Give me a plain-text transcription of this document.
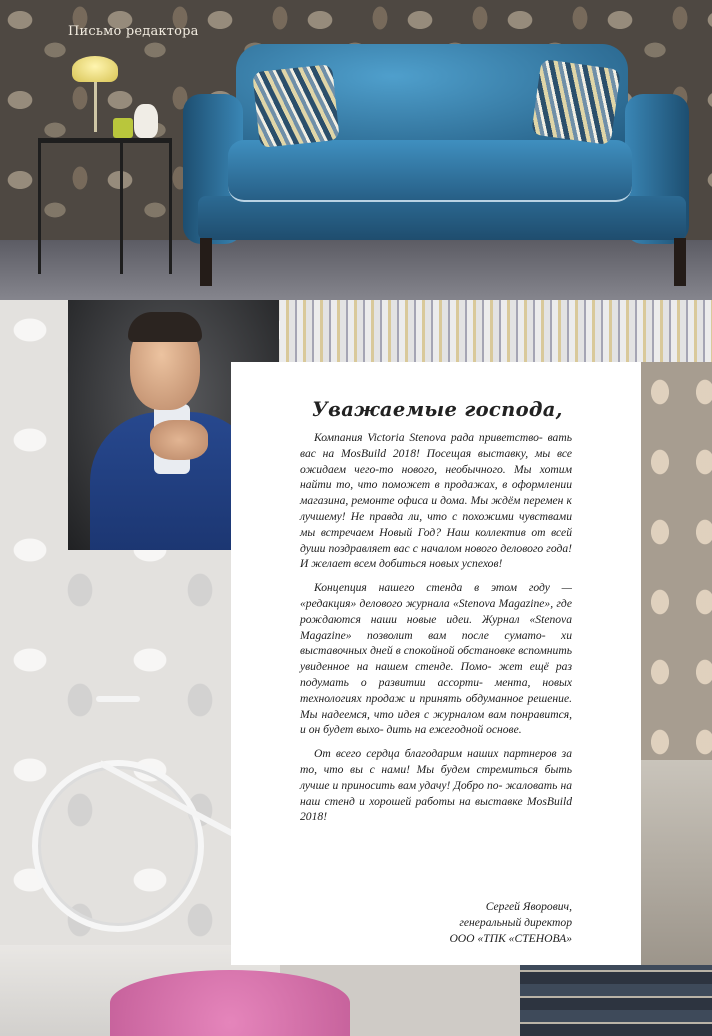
Письмо редактора
Уважаемые господа,

Компания Victoria Stenova рада приветство- вать вас на MosBuild 2018! Посещая выставку, мы все ожидаем чего-то нового, необычного. Мы хотим найти то, что поможет в продажах, в оформлении магазина, ремонте офиса и дома. Мы ждём перемен к лучшему! Не правда ли, что с похожими чувствами мы встречаем Новый Год? Наш коллектив от всей души поздравляет вас с началом нового делового года! И желает всем добиться новых успехов!

Концепция нашего стенда в этом году — «редакция» делового журнала «Stenova Magazine», где рождаются наши новые идеи. Журнал «Stenova Magazine» позволит вам после сумато- хи выставочных дней в спокойной обстановке вспомнить увиденное на нашем стенде. Помо- жет ещё раз подумать о развитии ассорти- мента, новых технологиях продаж и принять обдуманное решение. Мы надеемся, что идея с журналом вам понравится, и он будет выхо- дить на ежегодной основе.

От всего сердца благодарим наших партнеров за то, что вы с нами! Мы будем стремиться быть лучше и приносить вам удачу! Добро по- жаловать на наш стенд и хорошей работы на выставке MosBuild 2018!

Сергей Яворович,
генеральный директор
ООО «ТПК «СТЕНОВА»
